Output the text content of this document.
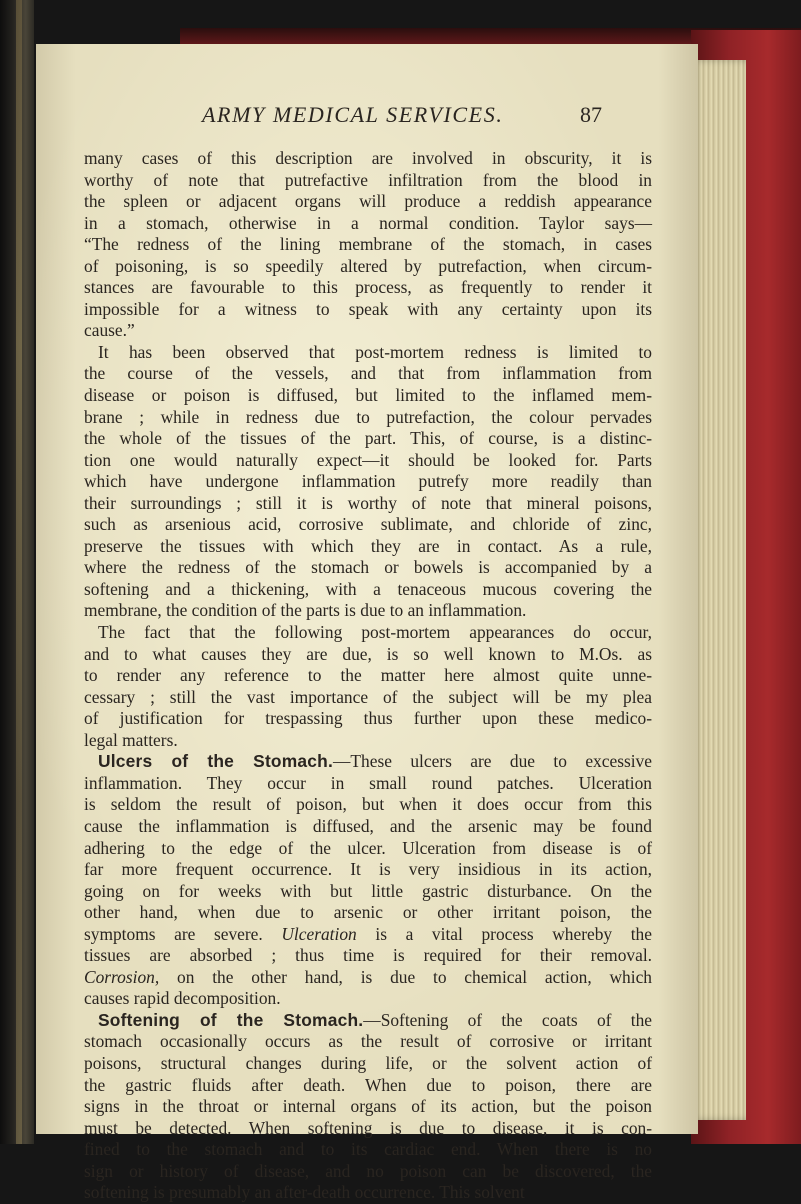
ARMY MEDICAL SERVICES.	87
many cases of this description are involved in obscurity, it is
worthy of note that putrefactive infiltration from the blood in
the spleen or adjacent organs will produce a reddish appearance
in a stomach, otherwise in a normal condition. Taylor says—
“The redness of the lining membrane of the stomach, in cases
of poisoning, is so speedily altered by putrefaction, when circum-
stances are favourable to this process, as frequently to render it
impossible for a witness to speak with any certainty upon its
cause.”
It has been observed that post-mortem redness is limited to
the course of the vessels, and that from inflammation from
disease or poison is diffused, but limited to the inflamed mem-
brane ; while in redness due to putrefaction, the colour pervades
the whole of the tissues of the part. This, of course, is a distinc-
tion one would naturally expect—it should be looked for. Parts
which have undergone inflammation putrefy more readily than
their surroundings ; still it is worthy of note that mineral poisons,
such as arsenious acid, corrosive sublimate, and chloride of zinc,
preserve the tissues with which they are in contact. As a rule,
where the redness of the stomach or bowels is accompanied by a
softening and a thickening, with a tenaceous mucous covering the
membrane, the condition of the parts is due to an inflammation.
The fact that the following post-mortem appearances do occur,
and to what causes they are due, is so well known to M.Os. as
to render any reference to the matter here almost quite unne-
cessary ; still the vast importance of the subject will be my plea
of justification for trespassing thus further upon these medico-
legal matters.
Ulcers of the Stomach.—These ulcers are due to excessive
inflammation. They occur in small round patches. Ulceration
is seldom the result of poison, but when it does occur from this
cause the inflammation is diffused, and the arsenic may be found
adhering to the edge of the ulcer. Ulceration from disease is of
far more frequent occurrence. It is very insidious in its action,
going on for weeks with but little gastric disturbance. On the
other hand, when due to arsenic or other irritant poison, the
symptoms are severe. Ulceration is a vital process whereby the
tissues are absorbed ; thus time is required for their removal.
Corrosion, on the other hand, is due to chemical action, which
causes rapid decomposition.
Softening of the Stomach.—Softening of the coats of the
stomach occasionally occurs as the result of corrosive or irritant
poisons, structural changes during life, or the solvent action of
the gastric fluids after death. When due to poison, there are
signs in the throat or internal organs of its action, but the poison
must be detected. When softening is due to disease, it is con-
fined to the stomach and to its cardiac end. When there is no
sign or history of disease, and no poison can be discovered, the
softening is presumably an after-death occurrence. This solvent
